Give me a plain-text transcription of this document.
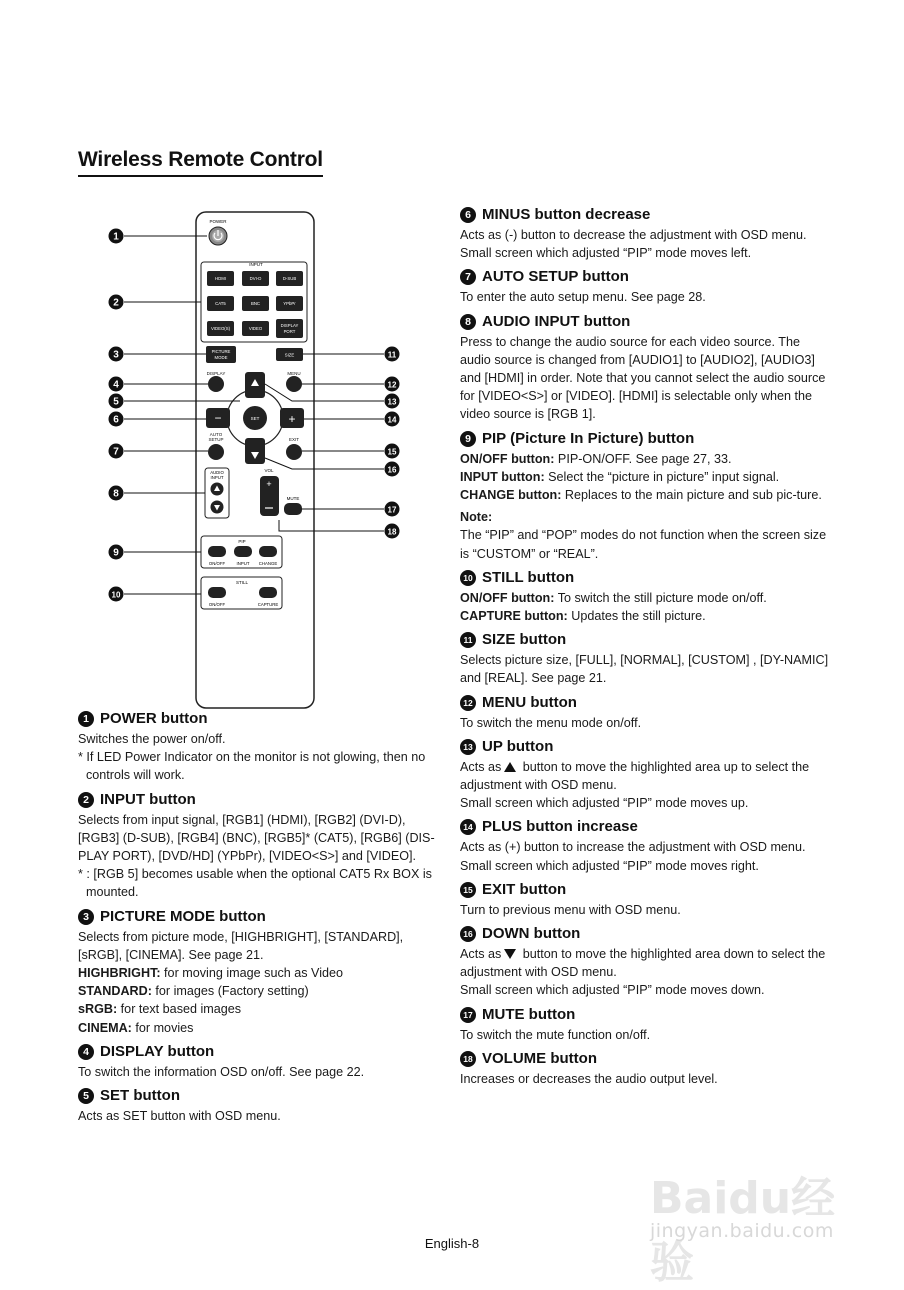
Wireless Remote Control
POWER
INPUT
HDMI	DVI-D	D-SUB
CAT5	BNC	YPbPr
VIDEO(S)	VIDEO
DISPLAY
PORT
PICTURE
MODE	SIZE
DISPLAY	MENU
AUTO
SETUP	EXIT
−	+
SET
AUDIO
INPUT
VOL
+
MUTE
PIP
ON/OFF	INPUT CHANGE
STILL
ON/OFF	CAPTURE
1
2
3
4
5
6
7
8
9
10
11
12
13
14
15
16
17
18
1 POWER button

Switches the power on/off.

* If LED Power Indicator on the monitor is not glowing, then no controls will work.

2 INPUT button

Selects from input signal, [RGB1] (HDMI), [RGB2] (DVI-D), [RGB3] (D-SUB), [RGB4] (BNC), [RGB5]* (CAT5), [RGB6] (DIS-PLAY PORT), [DVD/HD] (YPbPr), [VIDEO<S>] and [VIDEO].

* : [RGB 5] becomes usable when the optional CAT5 Rx BOX is mounted.

3 PICTURE MODE button

Selects from picture mode, [HIGHBRIGHT], [STANDARD], [sRGB], [CINEMA]. See page 21.

HIGHBRIGHT: for moving image such as Video

STANDARD: for images (Factory setting)

sRGB: for text based images

CINEMA: for movies

4 DISPLAY button

To switch the information OSD on/off. See page 22.

5 SET button

Acts as SET button with OSD menu.

6 MINUS button decrease

Acts as (-) button to decrease the adjustment with OSD menu.

Small screen which adjusted “PIP” mode moves left.

7 AUTO SETUP button

To enter the auto setup menu. See page 28.

8 AUDIO INPUT button

Press to change the audio source for each video source. The audio source is changed from [AUDIO1] to [AUDIO2], [AUDIO3] and [HDMI] in order. Note that you cannot select the audio source for [VIDEO<S>] or [VIDEO]. [HDMI] is selectable only when the video source is [RGB 1].

9 PIP (Picture In Picture) button

ON/OFF button: PIP-ON/OFF. See page 27, 33.

INPUT button: Select the “picture in picture” input signal.

CHANGE button: Replaces to the main picture and sub pic-ture.

Note:

The “PIP” and “POP” modes do not function when the screen size is “CUSTOM” or “REAL”.

10 STILL button

ON/OFF button: To switch the still picture mode on/off.

CAPTURE button: Updates the still picture.

11 SIZE button

Selects picture size, [FULL], [NORMAL], [CUSTOM] , [DY-NAMIC] and [REAL]. See page 21.

12 MENU button

To switch the menu mode on/off.

13 UP button

Acts as button to move the highlighted area up to select the adjustment with OSD menu.

Small screen which adjusted “PIP” mode moves up.

14 PLUS button increase

Acts as (+) button to increase the adjustment with OSD menu.

Small screen which adjusted “PIP” mode moves right.

15 EXIT button

Turn to previous menu with OSD menu.

16 DOWN button

Acts as button to move the highlighted area down to select the adjustment with OSD menu.

Small screen which adjusted “PIP” mode moves down.

17 MUTE button

To switch the mute function on/off.

18 VOLUME button

Increases or decreases the audio output level.

Baidu经验
jingyan.baidu.com
English-8
